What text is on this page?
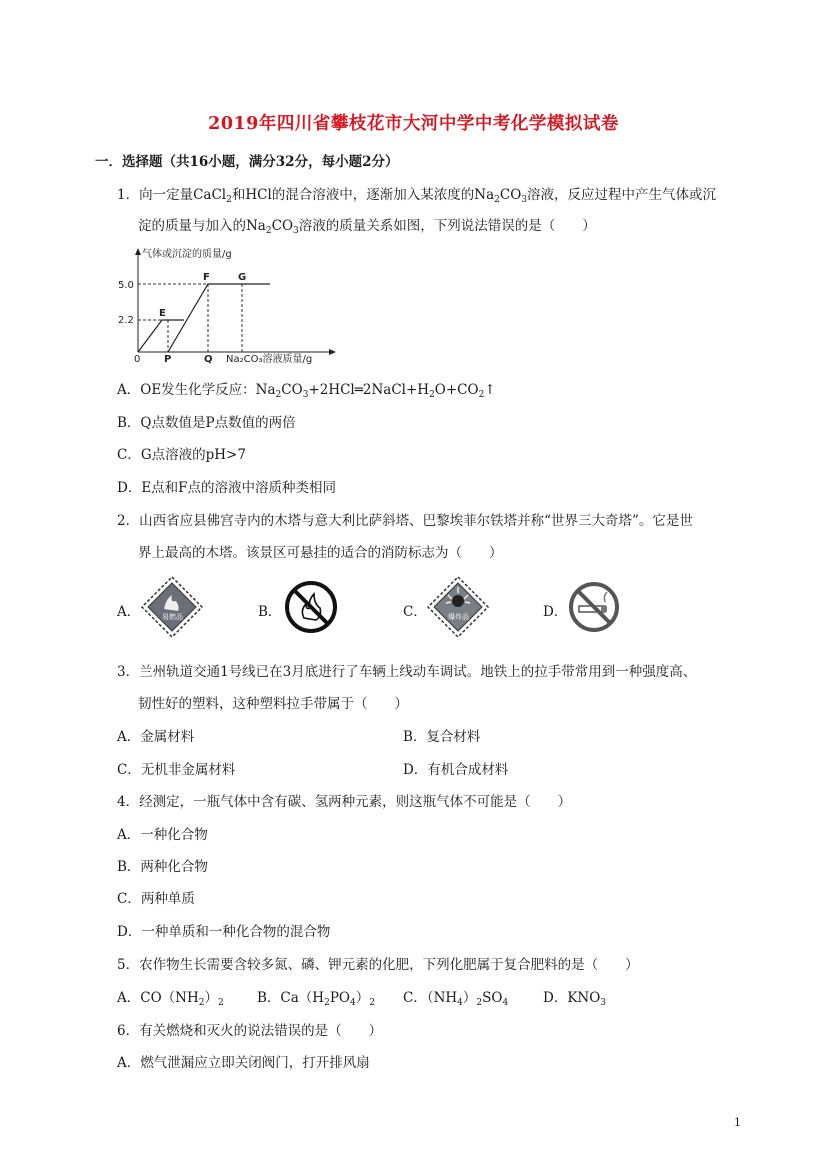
2019年四川省攀枝花市大河中学中考化学模拟试卷
一．选择题（共16小题，满分32分，每小题2分）
1．向一定量CaCl$_2$和HCl的混合溶液中，逐渐加入某浓度的$Na_2CO_3$溶液，反应过程中产生气体或沉
淀的质量与加入的$Na_2CO_3$溶液的质量关系如图，下列说法错误的是（　　）
气体或沉淀的质量/g
Na₂CO₃溶液质量/g
5.0
2.2
0 P	Q
E
F	G
A．OE发生化学反应：$Na_2CO_3+2HCl═2NaCl+H_2O+CO_2↑$
B．Q点数值是P点数值的两倍
C．G点溶液的pH>7
D．E点和F点的溶液中溶质种类相同
2．山西省应县佛宫寺内的木塔与意大利比萨斜塔、巴黎埃菲尔铁塔并称“世界三大奇塔”。它是世
界上最高的木塔。该景区可悬挂的适合的消防标志为（　　）
A．	易燃品	B．	C．	爆炸品	D．
3．兰州轨道交通1号线已在3月底进行了车辆上线动车调试。地铁上的拉手带常用到一种强度高、
韧性好的塑料，这种塑料拉手带属于（　　）
A．金属材料	B．复合材料
C．无机非金属材料	D．有机合成材料
4．经测定，一瓶气体中含有碳、氢两种元素，则这瓶气体不可能是（　　）
A．一种化合物
B．两种化合物
C．两种单质
D．一种单质和一种化合物的混合物
5．农作物生长需要含较多氮、磷、钾元素的化肥，下列化肥属于复合肥料的是（　　）
A．$CO(NH_2)_2$ B．$Ca(H_2PO_4)_2$ C．$(NH_4)_2SO_4$	D．$KNO_3$
6．有关燃烧和灭火的说法错误的是（　　）
A．燃气泄漏应立即关闭阀门，打开排风扇
1
